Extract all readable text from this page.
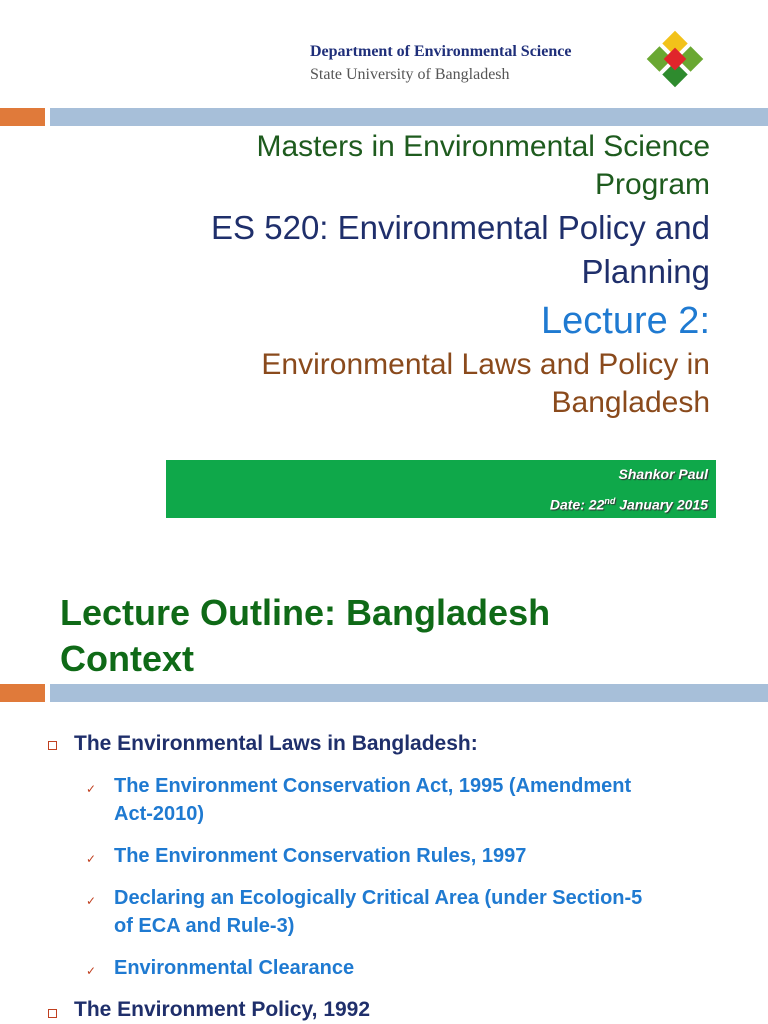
Department of Environmental Science
State University of Bangladesh
Masters in Environmental Science
Program
ES 520: Environmental Policy and
Planning
Lecture 2:
Environmental Laws and Policy in
Bangladesh
Shankor Paul
Date: 22nd January 2015
Lecture Outline: Bangladesh
Context
The Environmental Laws in Bangladesh:
✓ The Environment Conservation Act, 1995 (Amendment
Act-2010)
✓ The Environment Conservation Rules, 1997
✓ Declaring an Ecologically Critical Area (under Section-5
of ECA and Rule-3)
✓ Environmental Clearance
The Environment Policy, 1992
